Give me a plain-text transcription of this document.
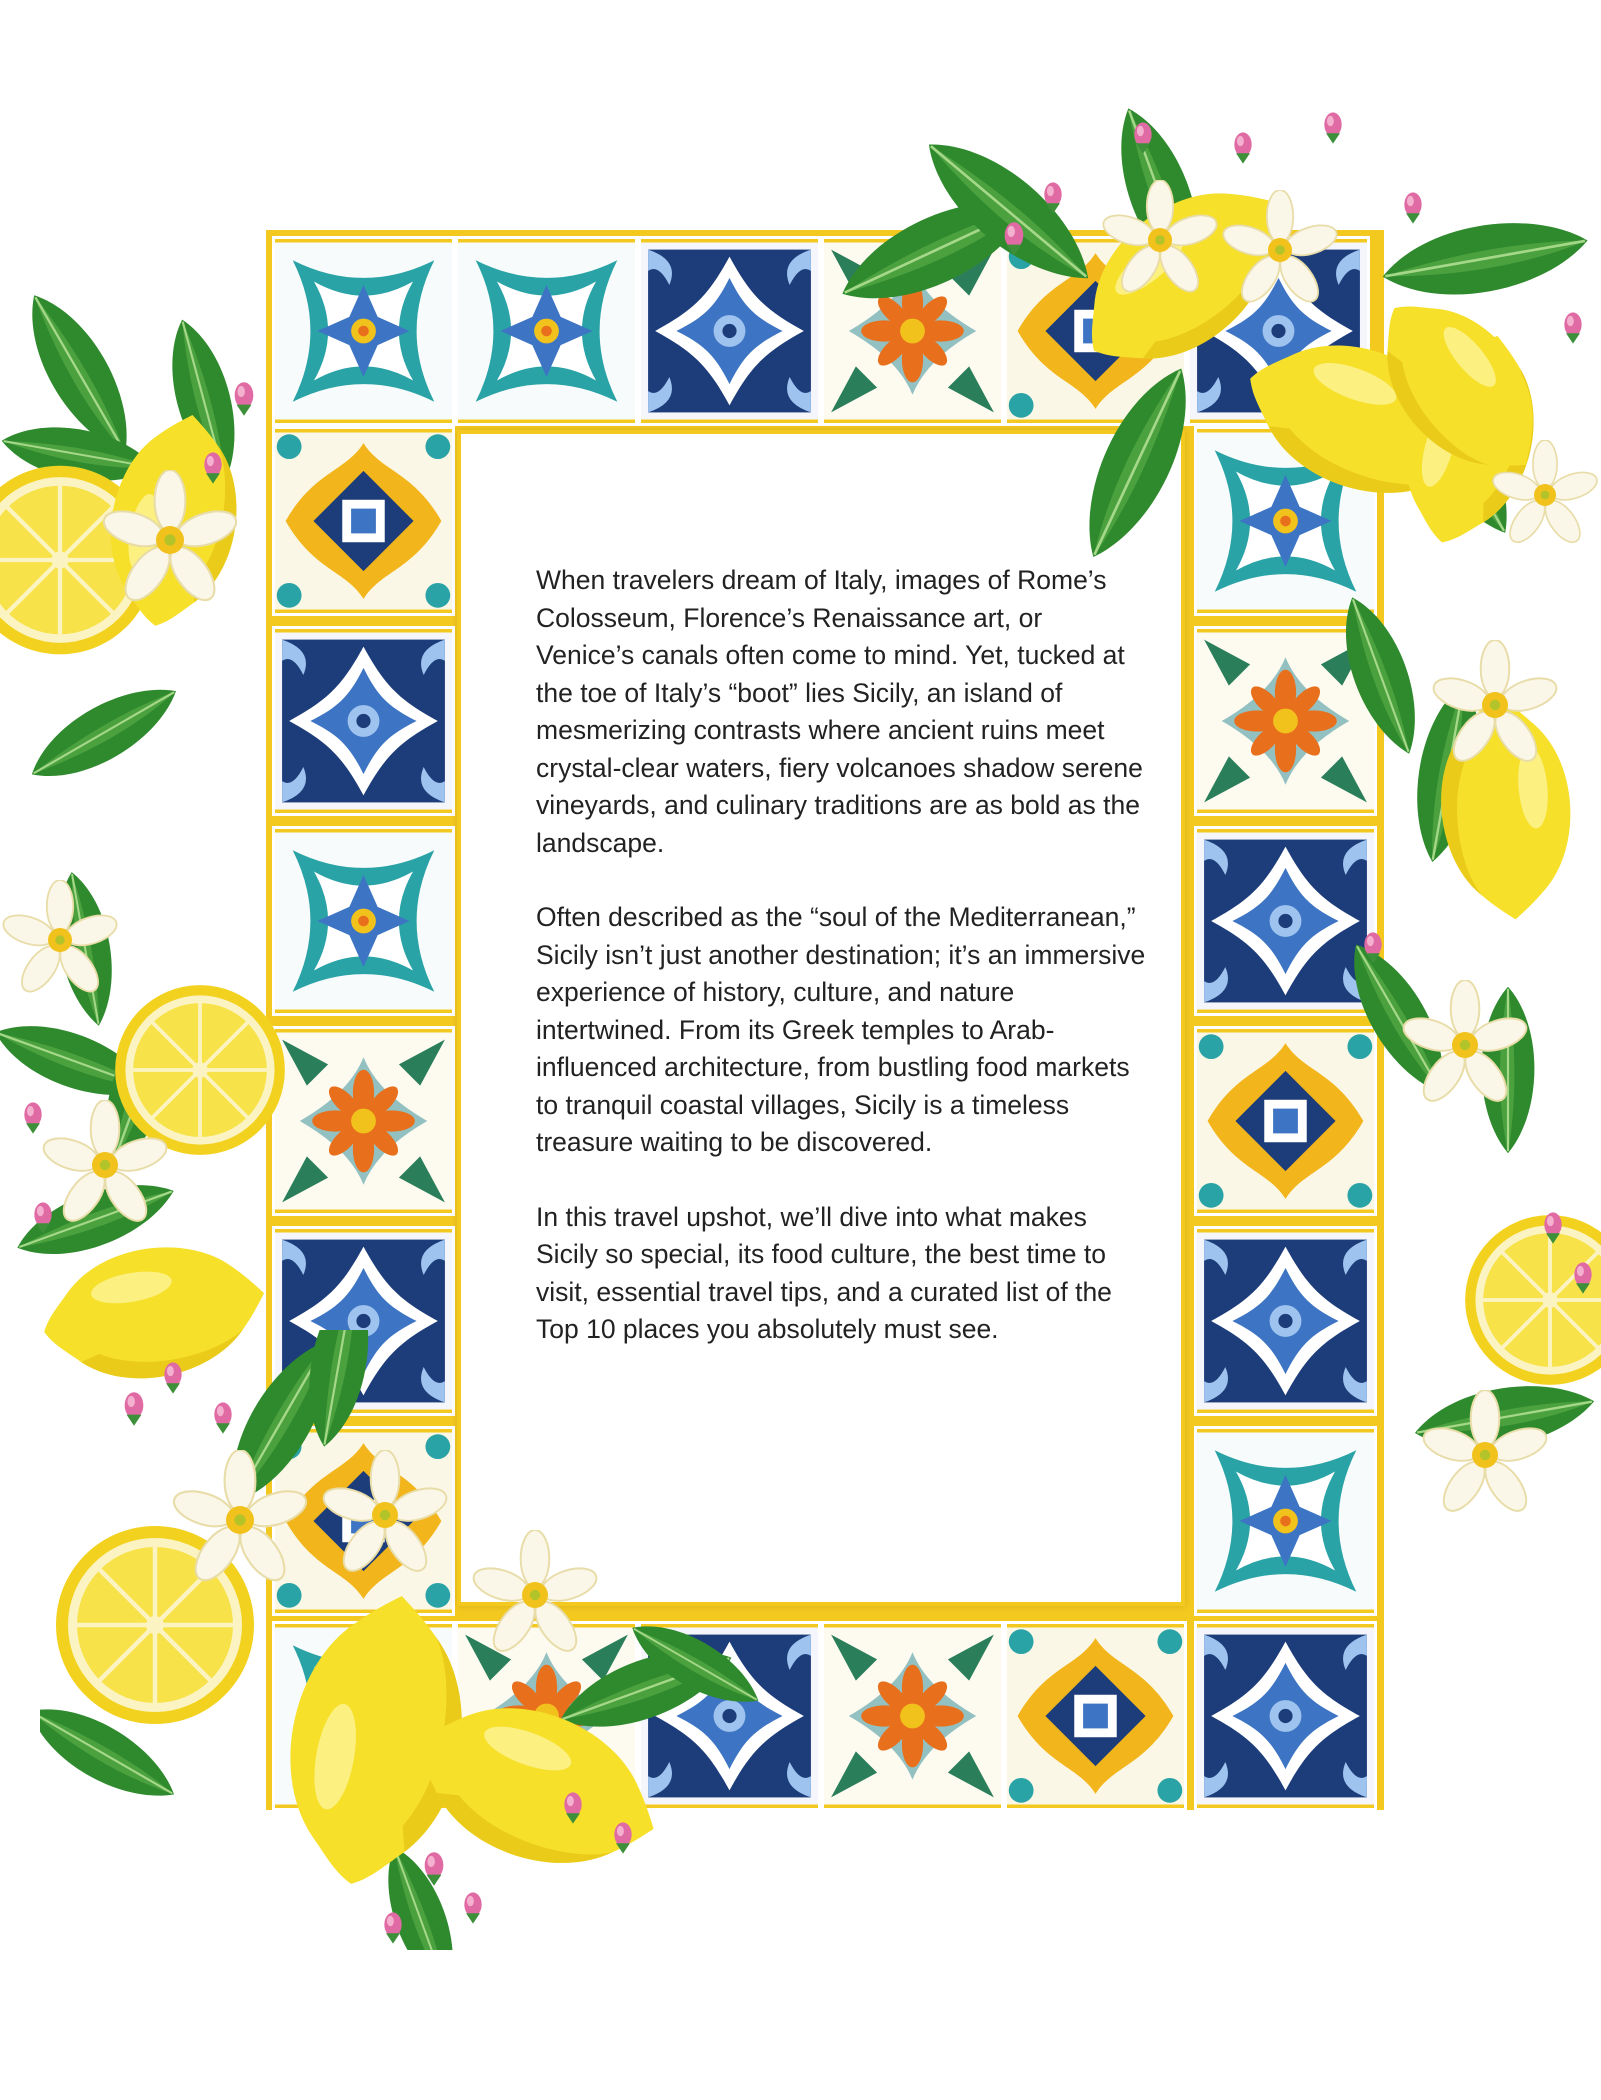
When travelers dream of Italy, images of Rome’s Colosseum, Florence’s Renaissance art, or Venice’s canals often come to mind. Yet, tucked at the toe of Italy’s “boot” lies Sicily, an island of mesmerizing contrasts where ancient ruins meet crystal-clear waters, fiery volcanoes shadow serene vineyards, and culinary traditions are as bold as the landscape.

Often described as the “soul of the Mediterranean,” Sicily isn’t just another destination; it’s an immersive experience of history, culture, and nature intertwined. From its Greek temples to Arab-influenced architecture, from bustling food markets to tranquil coastal villages, Sicily is a timeless treasure waiting to be discovered.

In this travel upshot, we’ll dive into what makes Sicily so special, its food culture, the best time to visit, essential travel tips, and a curated list of the Top 10 places you absolutely must see.
